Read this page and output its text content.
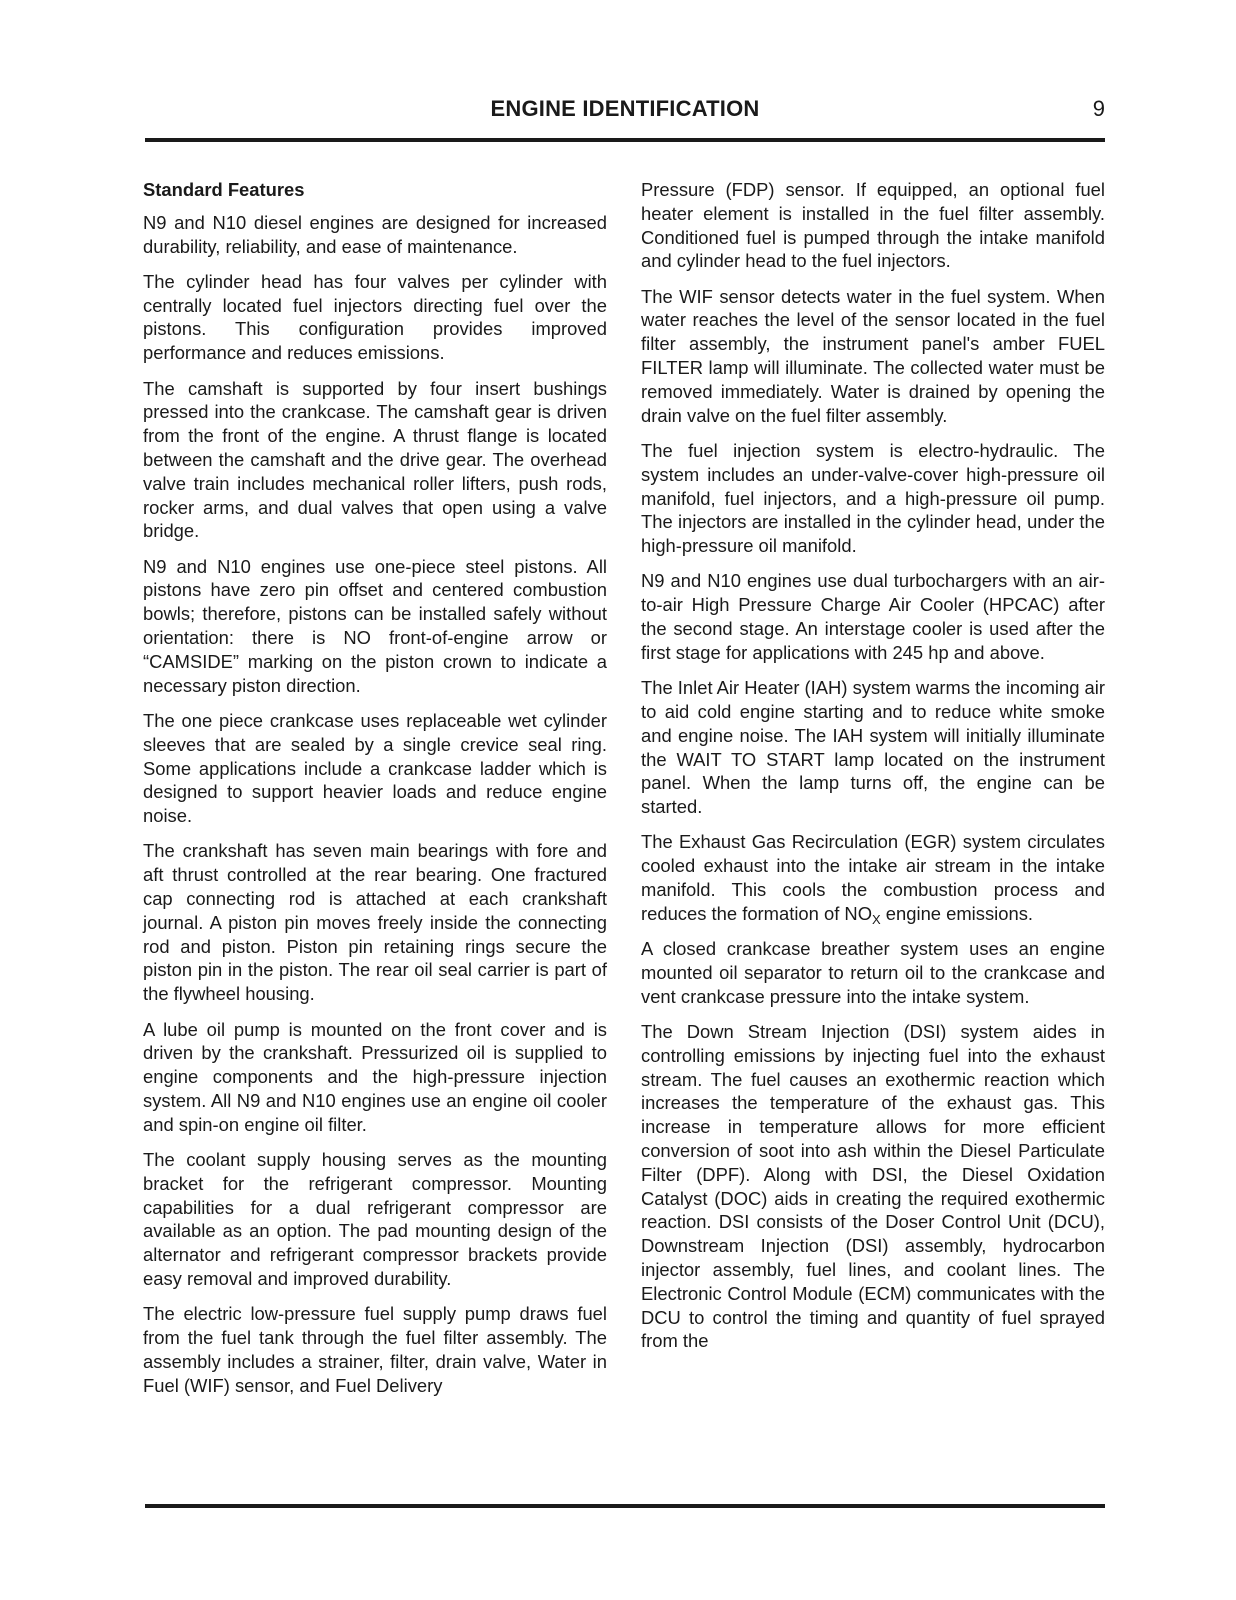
ENGINE IDENTIFICATION	9
Standard Features

N9 and N10 diesel engines are designed for increased durability, reliability, and ease of maintenance.

The cylinder head has four valves per cylinder with centrally located fuel injectors directing fuel over the pistons. This configuration provides improved performance and reduces emissions.

The camshaft is supported by four insert bushings pressed into the crankcase. The camshaft gear is driven from the front of the engine. A thrust flange is located between the camshaft and the drive gear. The overhead valve train includes mechanical roller lifters, push rods, rocker arms, and dual valves that open using a valve bridge.

N9 and N10 engines use one-piece steel pistons. All pistons have zero pin offset and centered combustion bowls; therefore, pistons can be installed safely without orientation: there is NO front-of-engine arrow or “CAMSIDE” marking on the piston crown to indicate a necessary piston direction.

The one piece crankcase uses replaceable wet cylinder sleeves that are sealed by a single crevice seal ring. Some applications include a crankcase ladder which is designed to support heavier loads and reduce engine noise.

The crankshaft has seven main bearings with fore and aft thrust controlled at the rear bearing. One fractured cap connecting rod is attached at each crankshaft journal. A piston pin moves freely inside the connecting rod and piston. Piston pin retaining rings secure the piston pin in the piston. The rear oil seal carrier is part of the flywheel housing.

A lube oil pump is mounted on the front cover and is driven by the crankshaft. Pressurized oil is supplied to engine components and the high-pressure injection system. All N9 and N10 engines use an engine oil cooler and spin-on engine oil filter.

The coolant supply housing serves as the mounting bracket for the refrigerant compressor. Mounting capabilities for a dual refrigerant compressor are available as an option. The pad mounting design of the alternator and refrigerant compressor brackets provide easy removal and improved durability.

The electric low-pressure fuel supply pump draws fuel from the fuel tank through the fuel filter assembly. The assembly includes a strainer, filter, drain valve, Water in Fuel (WIF) sensor, and Fuel Delivery

Pressure (FDP) sensor. If equipped, an optional fuel heater element is installed in the fuel filter assembly. Conditioned fuel is pumped through the intake manifold and cylinder head to the fuel injectors.

The WIF sensor detects water in the fuel system. When water reaches the level of the sensor located in the fuel filter assembly, the instrument panel's amber FUEL FILTER lamp will illuminate. The collected water must be removed immediately. Water is drained by opening the drain valve on the fuel filter assembly.

The fuel injection system is electro-hydraulic. The system includes an under-valve-cover high-pressure oil manifold, fuel injectors, and a high-pressure oil pump. The injectors are installed in the cylinder head, under the high-pressure oil manifold.

N9 and N10 engines use dual turbochargers with an air-to-air High Pressure Charge Air Cooler (HPCAC) after the second stage. An interstage cooler is used after the first stage for applications with 245 hp and above.

The Inlet Air Heater (IAH) system warms the incoming air to aid cold engine starting and to reduce white smoke and engine noise. The IAH system will initially illuminate the WAIT TO START lamp located on the instrument panel. When the lamp turns off, the engine can be started.

The Exhaust Gas Recirculation (EGR) system circulates cooled exhaust into the intake air stream in the intake manifold. This cools the combustion process and reduces the formation of $NO_X$ engine emissions.

A closed crankcase breather system uses an engine mounted oil separator to return oil to the crankcase and vent crankcase pressure into the intake system.

The Down Stream Injection (DSI) system aides in controlling emissions by injecting fuel into the exhaust stream. The fuel causes an exothermic reaction which increases the temperature of the exhaust gas. This increase in temperature allows for more efficient conversion of soot into ash within the Diesel Particulate Filter (DPF). Along with DSI, the Diesel Oxidation Catalyst (DOC) aids in creating the required exothermic reaction. DSI consists of the Doser Control Unit (DCU), Downstream Injection (DSI) assembly, hydrocarbon injector assembly, fuel lines, and coolant lines. The Electronic Control Module (ECM) communicates with the DCU to control the timing and quantity of fuel sprayed from the
